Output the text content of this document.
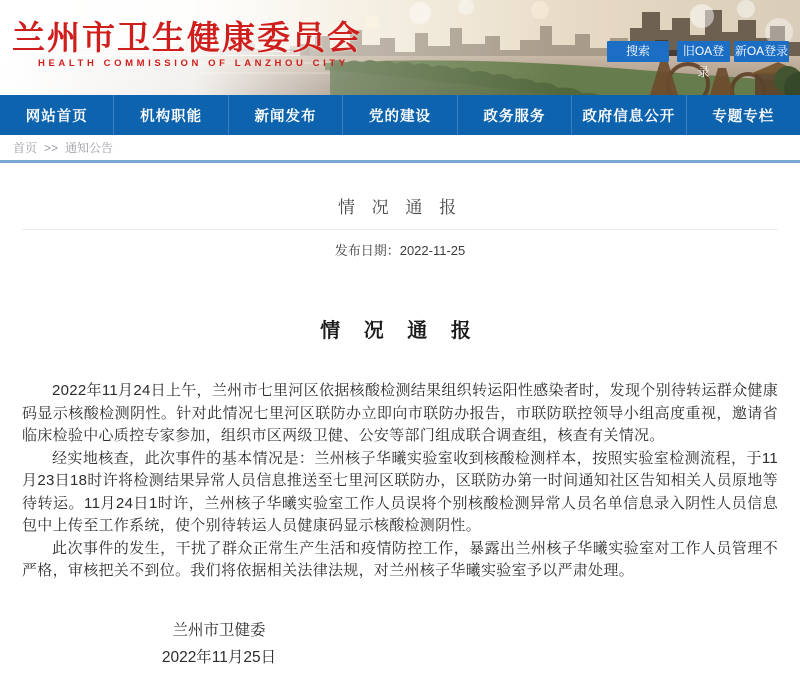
兰州市卫生健康委员会
HEALTH COMMISSION OF LANZHOU CITY
搜索	旧OA登录
新OA登录
网站首页	机构职能	新闻发布	党的建设	政务服务	政府信息公开	专题专栏
首页 >> 通知公告
情 况 通 报
发布日期：2022-11-25
情 况 通 报

2022年11月24日上午，兰州市七里河区依据核酸检测结果组织转运阳性感染者时，发现个别待转运群众健康码显示核酸检测阴性。针对此情况七里河区联防办立即向市联防办报告，市联防联控领导小组高度重视，邀请省临床检验中心质控专家参加，组织市区两级卫健、公安等部门组成联合调查组，核查有关情况。

经实地核查，此次事件的基本情况是：兰州核子华曦实验室收到核酸检测样本，按照实验室检测流程，于11月23日18时许将检测结果异常人员信息推送至七里河区联防办，区联防办第一时间通知社区告知相关人员原地等待转运。11月24日1时许，兰州核子华曦实验室工作人员误将个别核酸检测异常人员名单信息录入阴性人员信息包中上传至工作系统，使个别待转运人员健康码显示核酸检测阴性。

此次事件的发生，干扰了群众正常生产生活和疫情防控工作，暴露出兰州核子华曦实验室对工作人员管理不严格，审核把关不到位。我们将依据相关法律法规，对兰州核子华曦实验室予以严肃处理。

兰州市卫健委
2022年11月25日
